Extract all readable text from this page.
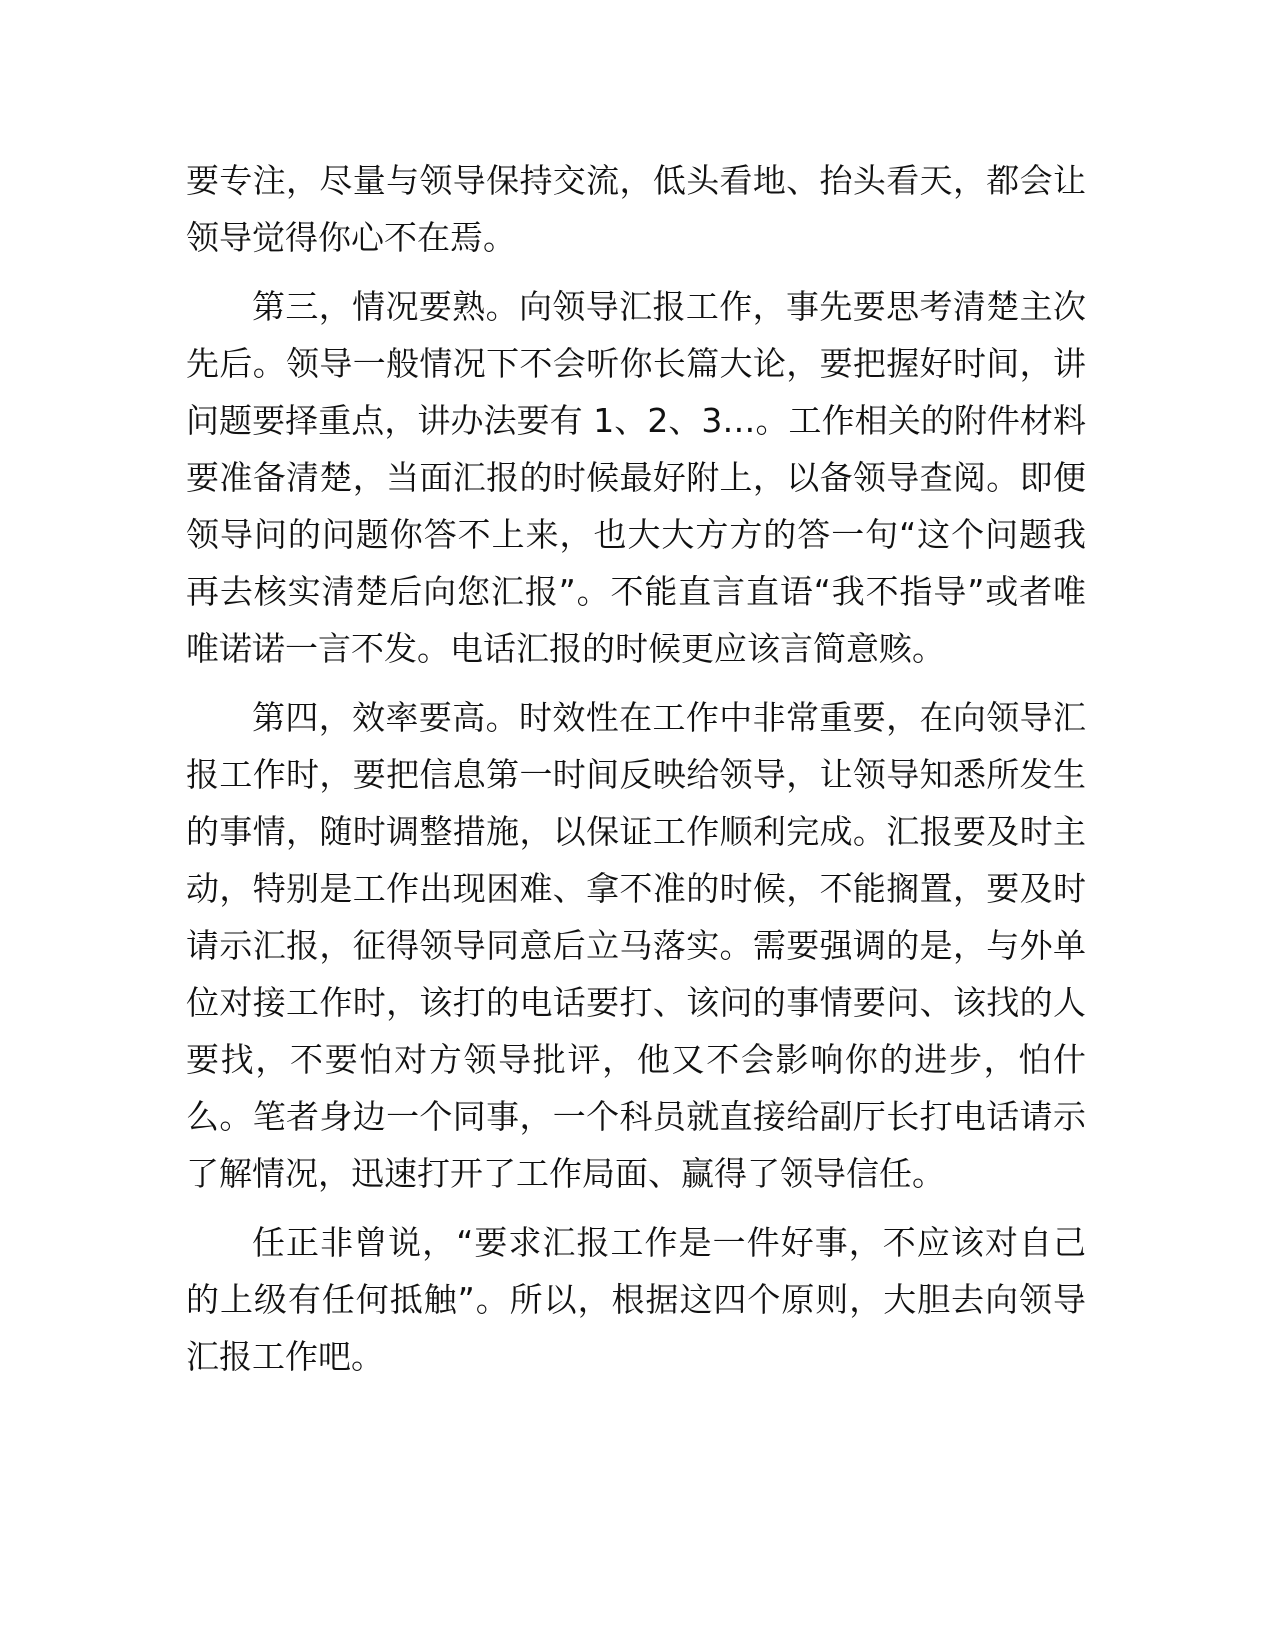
要专注，尽量与领导保持交流，低头看地、抬头看天，都会让领导觉得你心不在焉。

第三，情况要熟。向领导汇报工作，事先要思考清楚主次先后。领导一般情况下不会听你长篇大论，要把握好时间，讲问题要择重点，讲办法要有 1、2、3…。工作相关的附件材料要准备清楚，当面汇报的时候最好附上，以备领导查阅。即便领导问的问题你答不上来，也大大方方的答一句“这个问题我再去核实清楚后向您汇报”。不能直言直语“我不指导”或者唯唯诺诺一言不发。电话汇报的时候更应该言简意赅。

第四，效率要高。时效性在工作中非常重要，在向领导汇报工作时，要把信息第一时间反映给领导，让领导知悉所发生的事情，随时调整措施，以保证工作顺利完成。汇报要及时主动，特别是工作出现困难、拿不准的时候，不能搁置，要及时请示汇报，征得领导同意后立马落实。需要强调的是，与外单位对接工作时，该打的电话要打、该问的事情要问、该找的人要找，不要怕对方领导批评，他又不会影响你的进步，怕什么。笔者身边一个同事，一个科员就直接给副厅长打电话请示了解情况，迅速打开了工作局面、赢得了领导信任。

任正非曾说，“要求汇报工作是一件好事，不应该对自己的上级有任何抵触”。所以，根据这四个原则，大胆去向领导汇报工作吧。
